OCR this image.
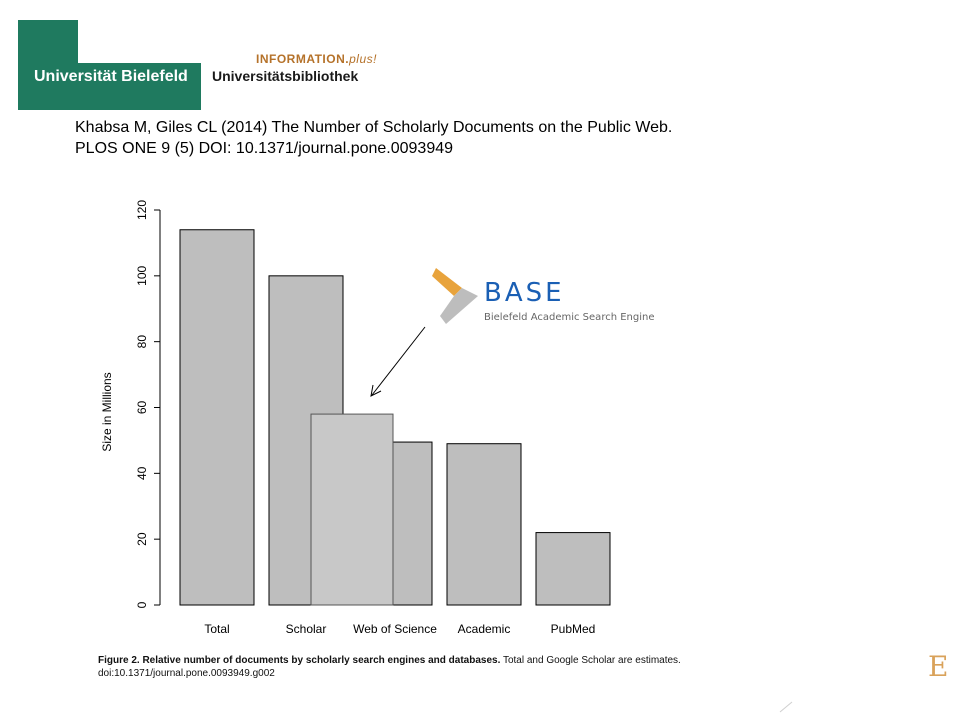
Universität Bielefeld
INFORMATION.plus!
Universitätsbibliothek
Khabsa M, Giles CL (2014) The Number of Scholarly Documents on the Public Web.
PLOS ONE 9 (5) DOI: 10.1371/journal.pone.0093949
0
20
40
60
80
100
120
Total	Scholar Web of Science Academic	PubMed
Size in Millions
BASE
Bielefeld Academic Search Engine
Figure 2. Relative number of documents by scholarly search engines and databases. Total and Google Scholar are estimates.
doi:10.1371/journal.pone.0093949.g002	Ε
